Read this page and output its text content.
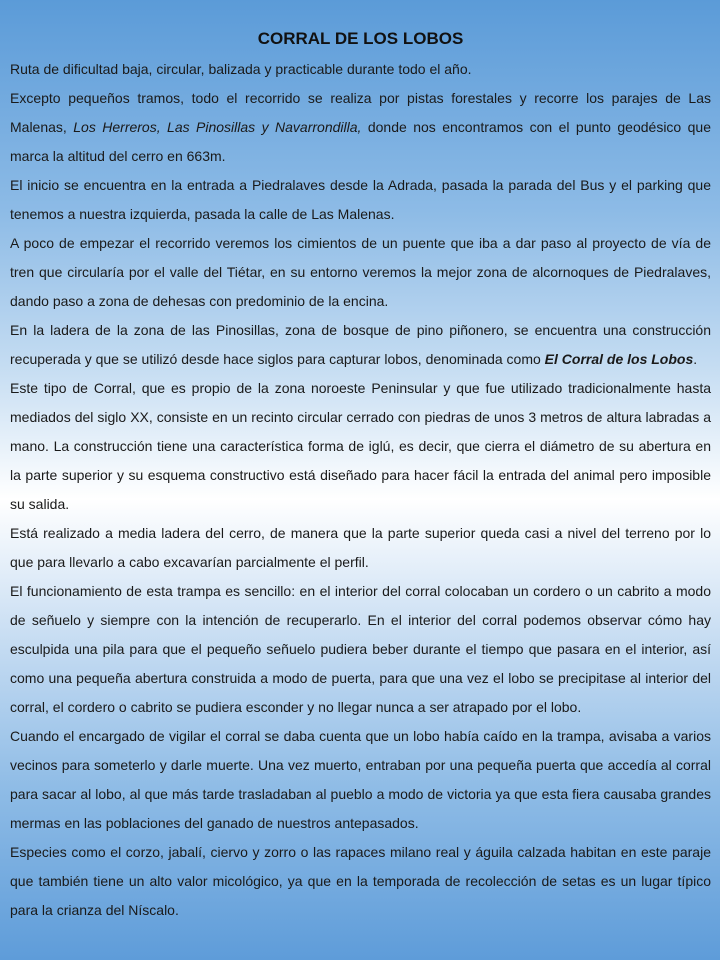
CORRAL DE LOS LOBOS

Ruta de dificultad baja, circular, balizada y practicable durante todo el año.

Excepto pequeños tramos, todo el recorrido se realiza por pistas forestales y recorre los parajes de Las Malenas, Los Herreros, Las Pinosillas y Navarrondilla, donde nos encontramos con el punto geodésico que marca la altitud del cerro en 663m.

El inicio se encuentra en la entrada a Piedralaves desde la Adrada, pasada la parada del Bus y el parking que tenemos a nuestra izquierda, pasada la calle de Las Malenas.

A poco de empezar el recorrido veremos los cimientos de un puente que iba a dar paso al proyecto de vía de tren que circularía por el valle del Tiétar, en su entorno veremos la mejor zona de alcornoques de Piedralaves, dando paso a zona de dehesas con predominio de la encina.

En la ladera de la zona de las Pinosillas, zona de bosque de pino piñonero, se encuentra una construcción recuperada y que se utilizó desde hace siglos para capturar lobos, denominada como El Corral de los Lobos.

Este tipo de Corral, que es propio de la zona noroeste Peninsular y que fue utilizado tradicionalmente hasta mediados del siglo XX, consiste en un recinto circular cerrado con piedras de unos 3 metros de altura labradas a mano. La construcción tiene una característica forma de iglú, es decir, que cierra el diámetro de su abertura en la parte superior y su esquema constructivo está diseñado para hacer fácil la entrada del animal pero imposible su salida.

Está realizado a media ladera del cerro, de manera que la parte superior queda casi a nivel del terreno por lo que para llevarlo a cabo excavarían parcialmente el perfil.

El funcionamiento de esta trampa es sencillo: en el interior del corral colocaban un cordero o un cabrito a modo de señuelo y siempre con la intención de recuperarlo. En el interior del corral podemos observar cómo hay esculpida una pila para que el pequeño señuelo pudiera beber durante el tiempo que pasara en el interior, así como una pequeña abertura construida a modo de puerta, para que una vez el lobo se precipitase al interior del corral, el cordero o cabrito se pudiera esconder y no llegar nunca a ser atrapado por el lobo.

Cuando el encargado de vigilar el corral se daba cuenta que un lobo había caído en la trampa, avisaba a varios vecinos para someterlo y darle muerte. Una vez muerto, entraban por una pequeña puerta que accedía al corral para sacar al lobo, al que más tarde trasladaban al pueblo a modo de victoria ya que esta fiera causaba grandes mermas en las poblaciones del ganado de nuestros antepasados.

Especies como el corzo, jabalí, ciervo y zorro o las rapaces milano real y águila calzada habitan en este paraje que también tiene un alto valor micológico, ya que en la temporada de recolección de setas es un lugar típico para la crianza del Níscalo.
